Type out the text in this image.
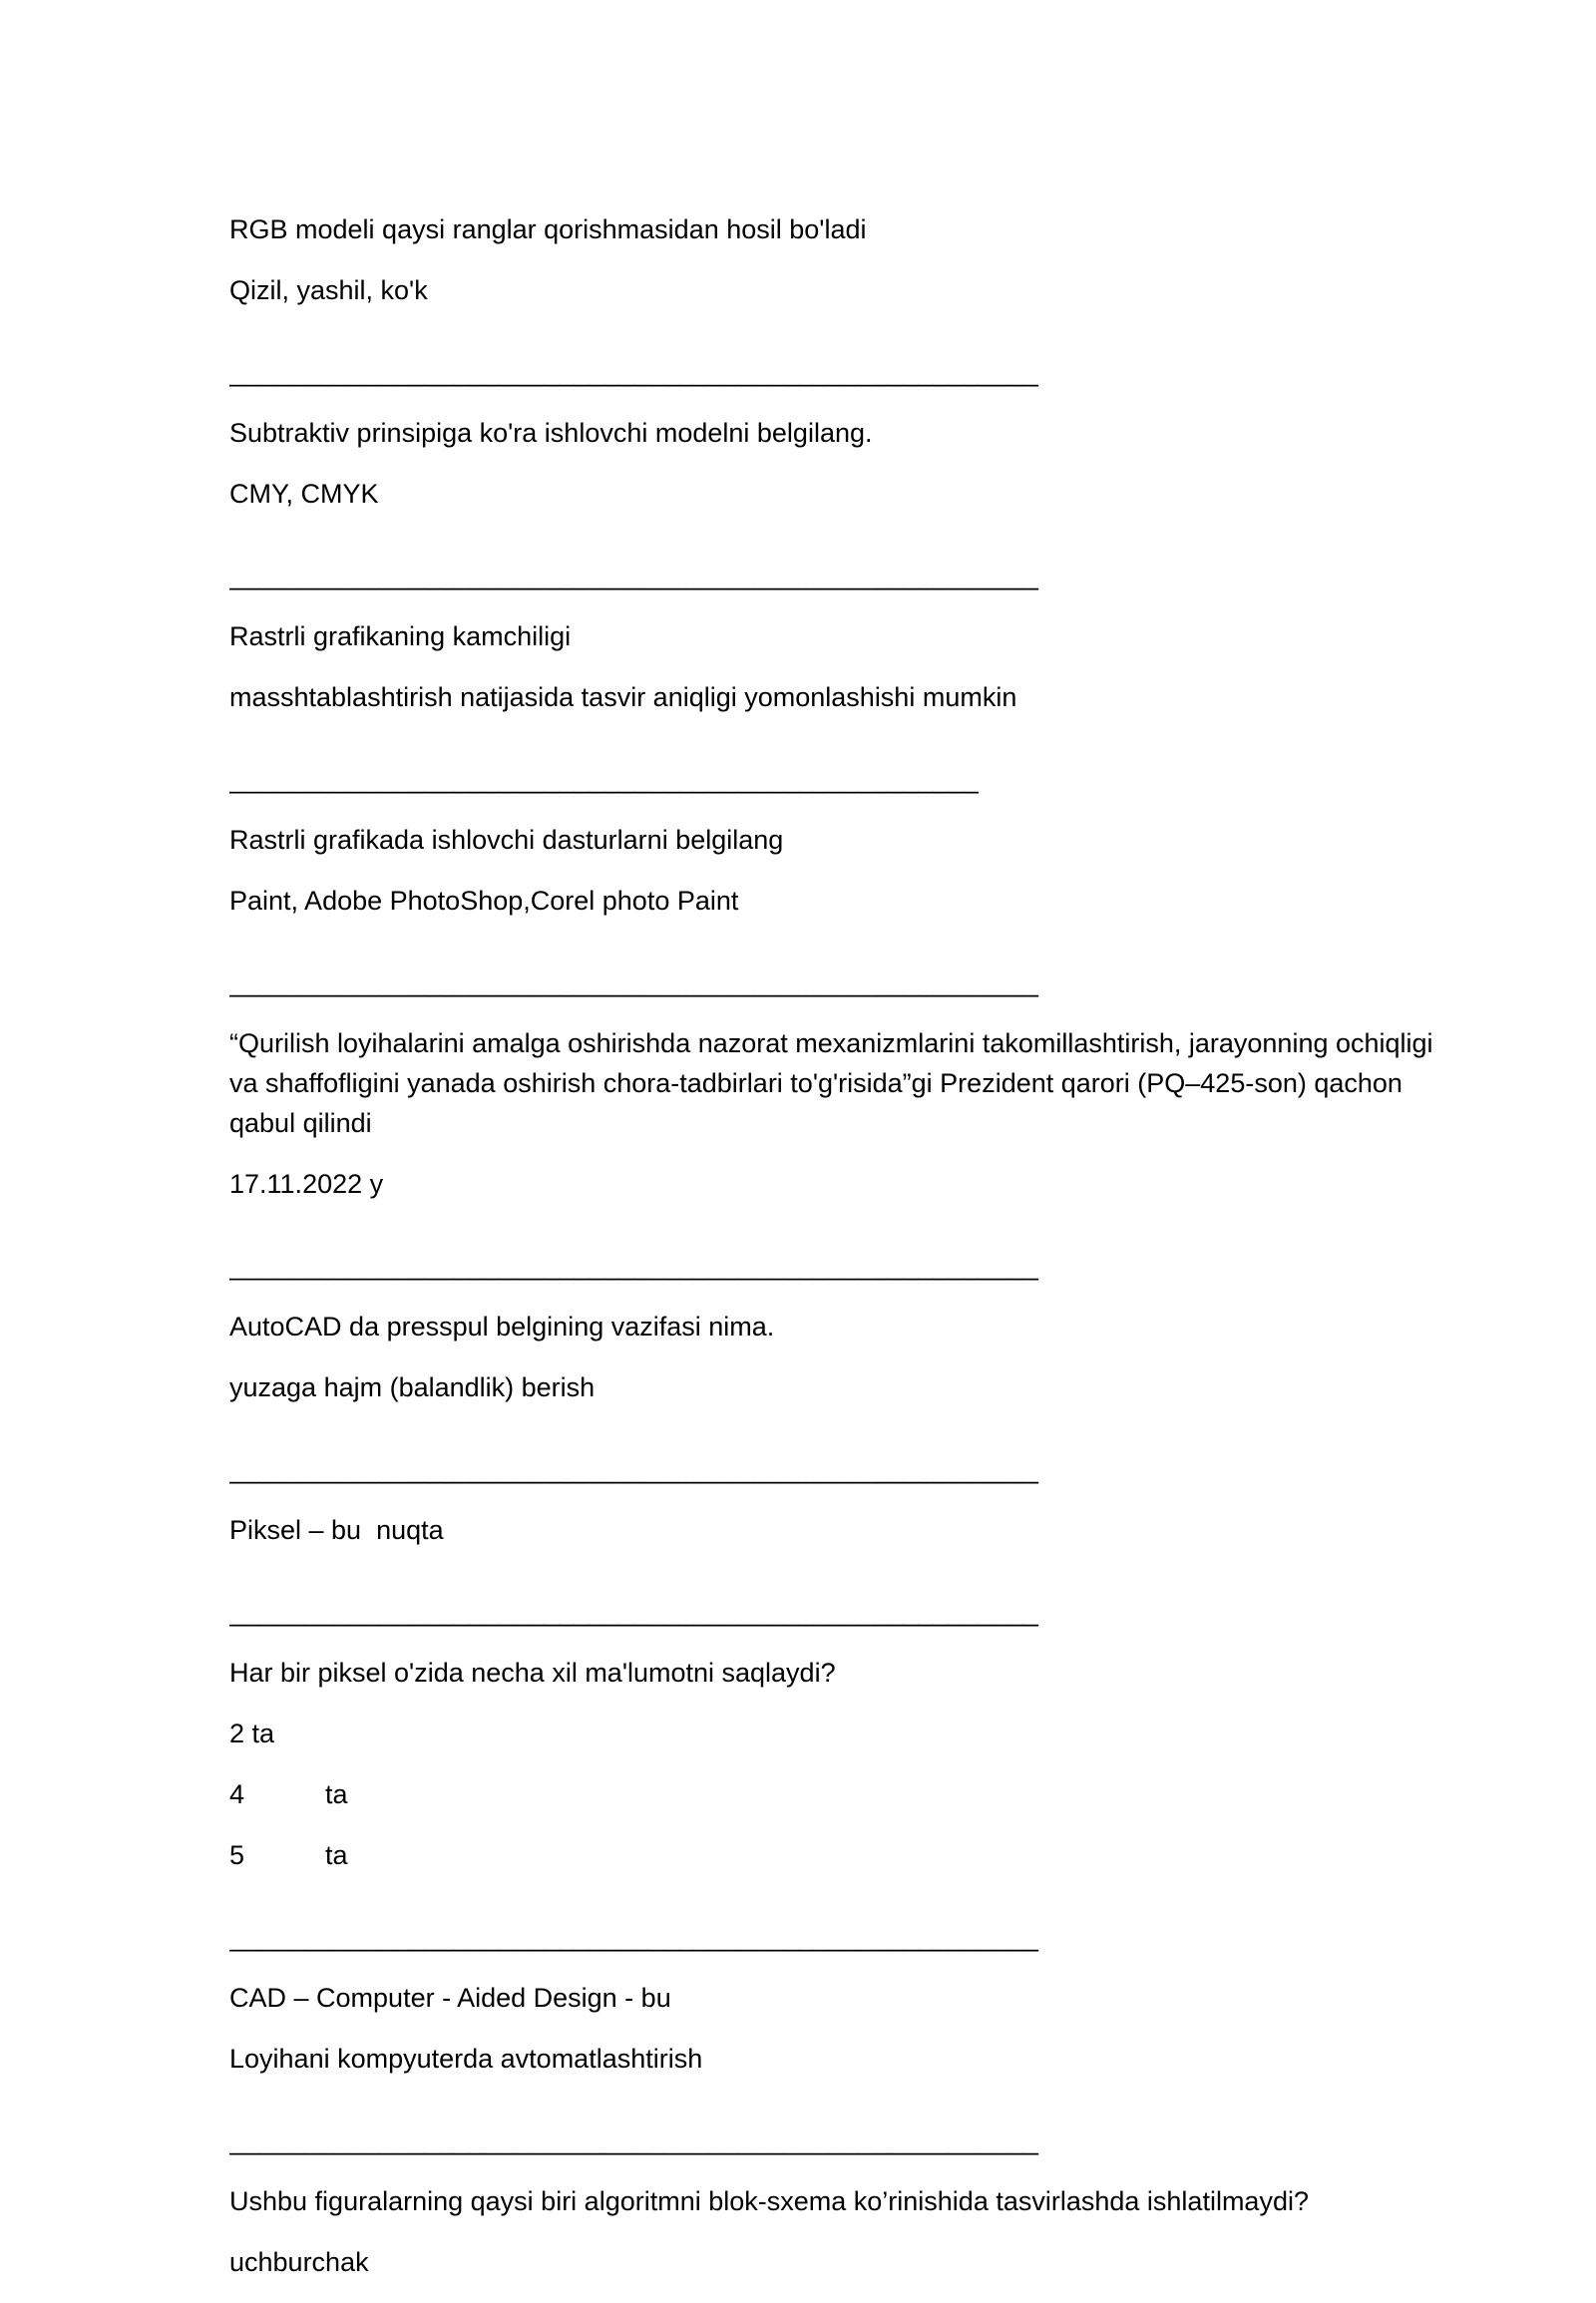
RGB modeli qaysi ranglar qorishmasidan hosil bo'ladi

Qizil, yashil, ko'k

______________________________________________________

Subtraktiv prinsipiga ko'ra ishlovchi modelni belgilang.

CMY, CMYK

______________________________________________________

Rastrli grafikaning kamchiligi

masshtablashtirish natijasida tasvir aniqligi yomonlashishi mumkin

__________________________________________________

Rastrli grafikada ishlovchi dasturlarni belgilang

Paint, Adobe PhotoShop,Corel photo Paint

______________________________________________________

“Qurilish loyihalarini amalga oshirishda nazorat mexanizmlarini takomillashtirish, jarayonning ochiqligi va shaffofligini yanada oshirish chora-tadbirlari to'g'risida”gi Prezident qarori (PQ–425-son) qachon qabul qilindi

17.11.2022 y

______________________________________________________

AutoCAD da presspul belgining vazifasi nima.

yuzaga hajm (balandlik) berish

______________________________________________________

Piksel – bu  nuqta

______________________________________________________

Har bir piksel o'zida necha xil ma'lumotni saqlaydi?

2 ta

4	ta
5	ta
______________________________________________________

CAD – Computer - Aided Design - bu

Loyihani kompyuterda avtomatlashtirish

______________________________________________________

Ushbu figuralarning qaysi biri algoritmni blok-sxema ko’rinishida tasvirlashda ishlatilmaydi?

uchburchak
